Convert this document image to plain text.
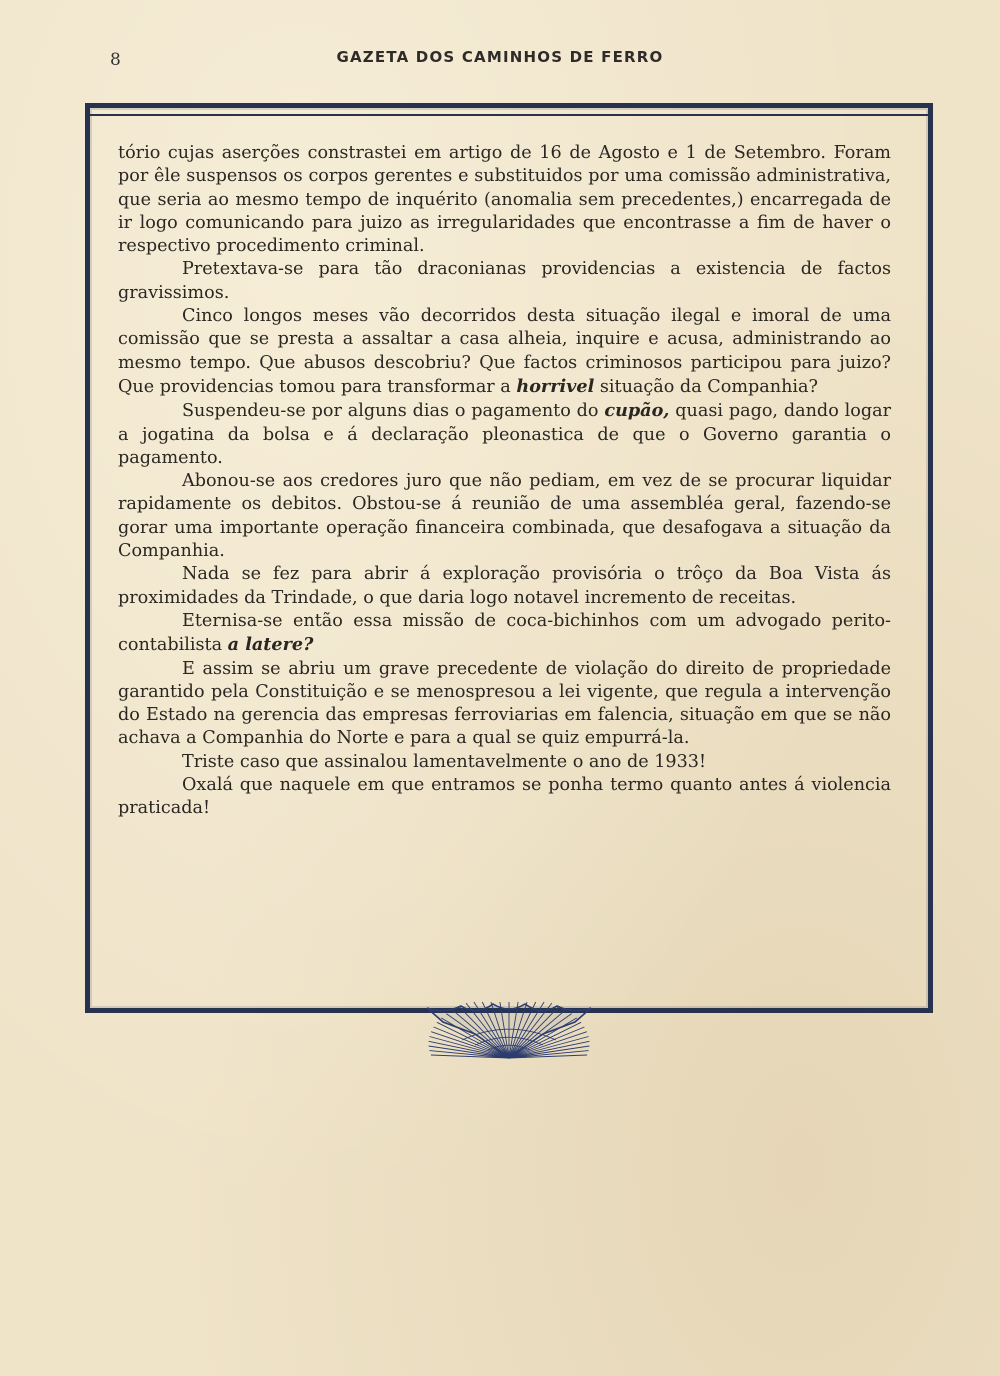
8	GAZETA DOS CAMINHOS DE FERRO

tório cujas aserções constrastei em artigo de 16 de Agosto e 1 de Setembro. Foram por êle suspensos os corpos gerentes e substituidos por uma comissão administrativa, que seria ao mesmo tempo de inquérito (anomalia sem precedentes,) encarregada de ir logo comunicando para juizo as irregularidades que encontrasse a fim de haver o respectivo procedimento criminal.

Pretextava-se para tão draconianas providencias a existencia de factos gravissimos.

Cinco longos meses vão decorridos desta situação ilegal e imoral de uma comissão que se presta a assaltar a casa alheia, inquire e acusa, administrando ao mesmo tempo. Que abusos descobriu? Que factos criminosos participou para juizo? Que providencias tomou para transformar a horrivel situação da Companhia?

Suspendeu-se por alguns dias o pagamento do cupão, quasi pago, dando logar a jogatina da bolsa e á declaração pleonastica de que o Governo garantia o pagamento.

Abonou-se aos credores juro que não pediam, em vez de se procurar liquidar rapidamente os debitos. Obstou-se á reunião de uma assembléa geral, fazendo-se gorar uma importante operação financeira combinada, que desafogava a situação da Companhia.

Nada se fez para abrir á exploração provisória o trôço da Boa Vista ás proximidades da Trindade, o que daria logo notavel incremento de receitas.

Eternisa-se então essa missão de coca-bichinhos com um advogado perito-contabilista a latere?

E assim se abriu um grave precedente de violação do direito de propriedade garantido pela Constituição e se menospresou a lei vigente, que regula a intervenção do Estado na gerencia das empresas ferroviarias em falencia, situação em que se não achava a Companhia do Norte e para a qual se quiz empurrá-la.

Triste caso que assinalou lamentavelmente o ano de 1933!

Oxalá que naquele em que entramos se ponha termo quanto antes á violencia praticada!
